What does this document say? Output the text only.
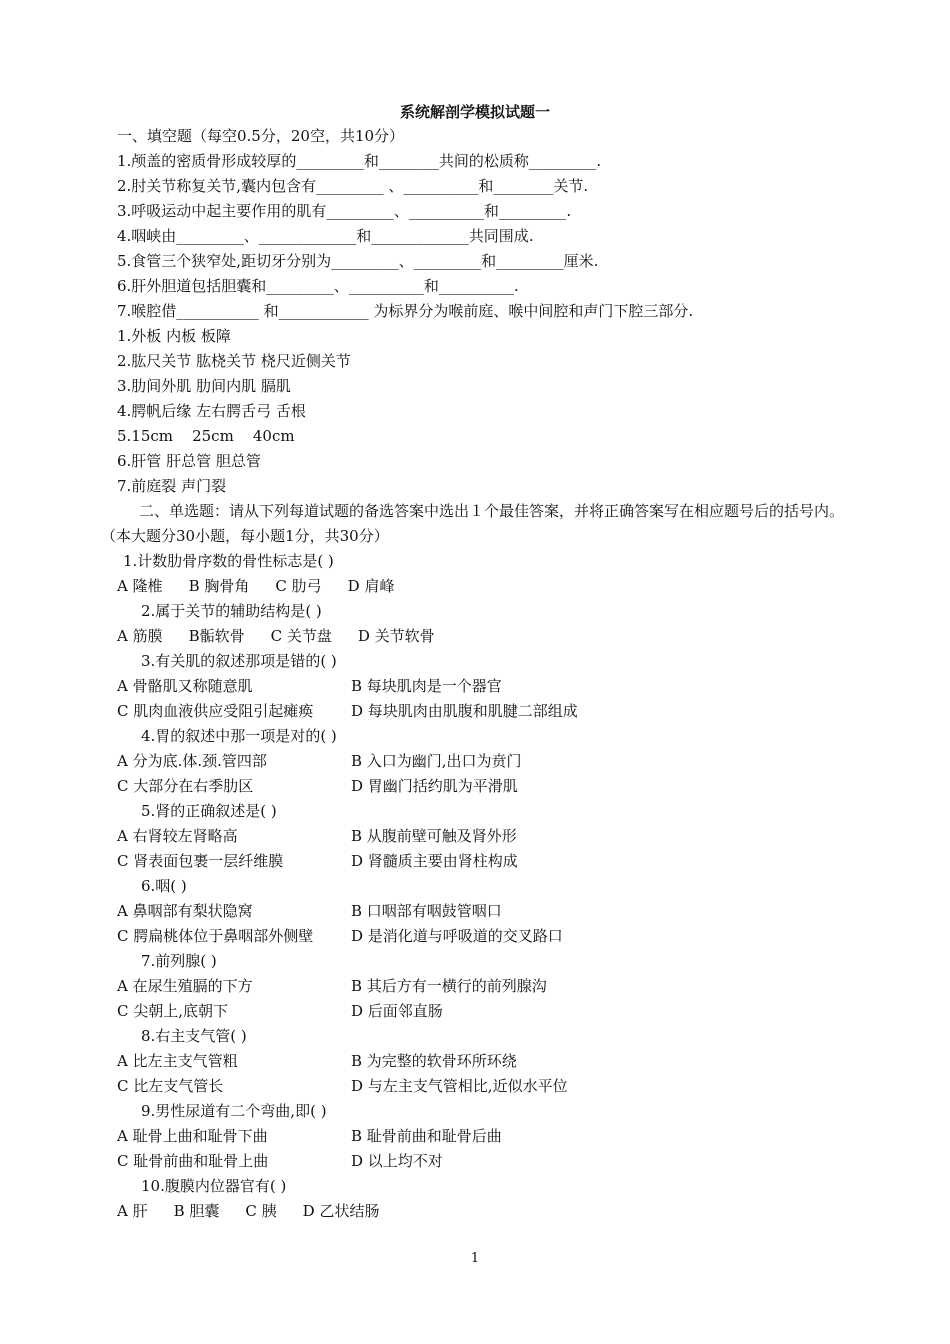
系统解剖学模拟试题一
一、填空题（每空0.5分，20空，共10分）
1.颅盖的密质骨形成较厚的_________和________共间的松质称_________.
2.肘关节称复关节,囊内包含有_________ 、__________和________关节.
3.呼吸运动中起主要作用的肌有_________、__________和_________.
4.咽峡由_________、_____________和_____________共同围成.
5.食管三个狭窄处,距切牙分别为_________、_________和_________厘米.
6.肝外胆道包括胆囊和_________、__________和__________.
7.喉腔借___________ 和____________ 为标界分为喉前庭、喉中间腔和声门下腔三部分.
1.外板 内板 板障
2.肱尺关节 肱桡关节 桡尺近侧关节
3.肋间外肌 肋间内肌 膈肌
4.腭帆后缘 左右腭舌弓 舌根
5.15cm    25cm    40cm
6.肝管 肝总管 胆总管
7.前庭裂 声门裂
二、单选题：请从下列每道试题的备选答案中选出１个最佳答案，并将正确答案写在相应题号后的括号内。（本大题分30小题，每小题1分，共30分）
1.计数肋骨序数的骨性标志是( )
A 隆椎 B 胸骨角 C 肋弓 D 肩峰
2.属于关节的辅助结构是( )
A 筋膜 B骺软骨 C 关节盘 D 关节软骨
3.有关肌的叙述那项是错的( )
A 骨骼肌又称随意肌	B 每块肌肉是一个器官
C 肌肉血液供应受阻引起瘫痪	D 每块肌肉由肌腹和肌腱二部组成
4.胃的叙述中那一项是对的( )
A 分为底.体.颈.管四部	B 入口为幽门,出口为贲门
C 大部分在右季肋区	D 胃幽门括约肌为平滑肌
5.肾的正确叙述是( )
A 右肾较左肾略高	B 从腹前壁可触及肾外形
C 肾表面包裹一层纤维膜	D 肾髓质主要由肾柱构成
6.咽( )
A 鼻咽部有梨状隐窝	B 口咽部有咽鼓管咽口
C 腭扁桃体位于鼻咽部外侧壁	D 是消化道与呼吸道的交叉路口
7.前列腺( )
A 在尿生殖膈的下方	B 其后方有一横行的前列腺沟
C 尖朝上,底朝下	D 后面邻直肠
8.右主支气管( )
A 比左主支气管粗	B 为完整的软骨环所环绕
C 比左支气管长	D 与左主支气管相比,近似水平位
9.男性尿道有二个弯曲,即( )
A 耻骨上曲和耻骨下曲	B 耻骨前曲和耻骨后曲
C 耻骨前曲和耻骨上曲	D 以上均不对
10.腹膜内位器官有( )
A 肝 B 胆囊 C 胰 D 乙状结肠
1
